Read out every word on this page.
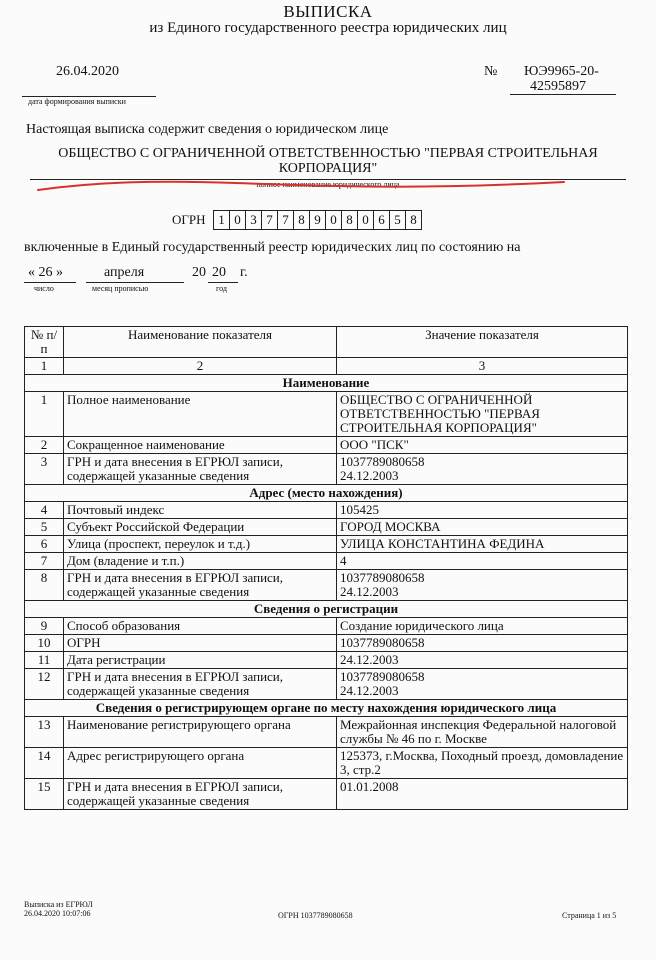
ВЫПИСКА
из Единого государственного реестра юридических лиц
26.04.2020
дата формирования выписки
№ ЮЭ9965-20-
42595897
Настоящая выписка содержит сведения о юридическом лице
ОБЩЕСТВО С ОГРАНИЧЕННОЙ ОТВЕТСТВЕННОСТЬЮ "ПЕРВАЯ СТРОИТЕЛЬНАЯ КОРПОРАЦИЯ"
полное наименование юридического лица
ОГРН 1 0 3 7 7 8 9 0 8 0 6 5 8
включенные в Единый государственный реестр юридических лиц по состоянию на
« 26 »	апреля	20 20 г.
число	месяц прописью	год
№ п/п	Наименование показателя	Значение показателя
1	2	3
Наименование		
1	Полное наименование	ОБЩЕСТВО С ОГРАНИЧЕННОЙ ОТВЕТСТВЕННОСТЬЮ "ПЕРВАЯ СТРОИТЕЛЬНАЯ КОРПОРАЦИЯ"
2	Сокращенное наименование	ООО "ПСК"
3	ГРН и дата внесения в ЕГРЮЛ записи, содержащей указанные сведения	1037789080658
24.12.2003
Адрес (место нахождения)		
4	Почтовый индекс	105425
5	Субъект Российской Федерации	ГОРОД МОСКВА
6	Улица (проспект, переулок и т.д.)	УЛИЦА КОНСТАНТИНА ФЕДИНА
7	Дом (владение и т.п.)	4
8	ГРН и дата внесения в ЕГРЮЛ записи, содержащей указанные сведения	1037789080658
24.12.2003
Сведения о регистрации		
9	Способ образования	Создание юридического лица
10	ОГРН	1037789080658
11	Дата регистрации	24.12.2003
12	ГРН и дата внесения в ЕГРЮЛ записи, содержащей указанные сведения	1037789080658
24.12.2003
Сведения о регистрирующем органе по месту нахождения юридического лица		
13	Наименование регистрирующего органа	Межрайонная инспекция Федеральной налоговой службы № 46 по г. Москве
14	Адрес регистрирующего органа	125373, г.Москва, Походный проезд, домовладение 3, стр.2
15	ГРН и дата внесения в ЕГРЮЛ записи, содержащей указанные сведения	01.01.2008
Выписка из ЕГРЮЛ
26.04.2020 10:07:06	ОГРН 1037789080658	Страница 1 из 5
